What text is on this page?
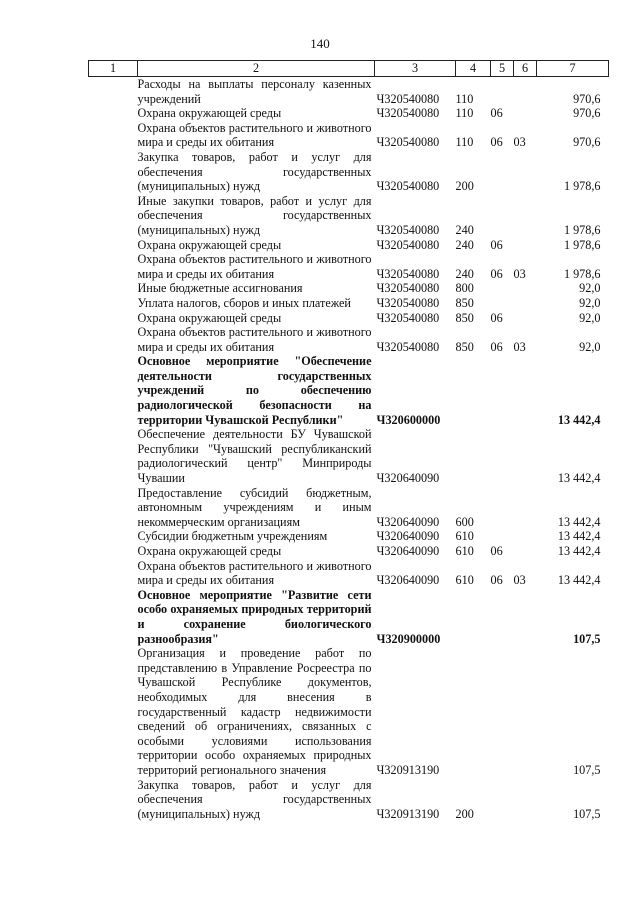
140
1	2	3	4	5	6	7
	Расходы на выплаты персоналу казенных учреждений	Ч320540080	110			970,6
	Охрана окружающей среды	Ч320540080	110	06		970,6
	Охрана объектов растительного и животного мира и среды их обитания	Ч320540080	110	06	03	970,6
	Закупка товаров, работ и услуг для обеспечения государственных (муниципальных) нужд	Ч320540080	200			1 978,6
	Иные закупки товаров, работ и услуг для обеспечения государственных (муниципальных) нужд	Ч320540080	240			1 978,6
	Охрана окружающей среды	Ч320540080	240	06		1 978,6
	Охрана объектов растительного и животного мира и среды их обитания	Ч320540080	240	06	03	1 978,6
	Иные бюджетные ассигнования	Ч320540080	800			92,0
	Уплата налогов, сборов и иных платежей	Ч320540080	850			92,0
	Охрана окружающей среды	Ч320540080	850	06		92,0
	Охрана объектов растительного и животного мира и среды их обитания	Ч320540080	850	06	03	92,0
	Основное мероприятие "Обеспечение деятельности государственных учреждений по обеспечению радиологической безопасности на территории Чувашской Республики"	Ч320600000				13 442,4
	Обеспечение деятельности БУ Чувашской Республики "Чувашский республиканский радиологический центр" Минприроды Чувашии	Ч320640090				13 442,4
	Предоставление субсидий бюджетным, автономным учреждениям и иным некоммерческим организациям	Ч320640090	600			13 442,4
	Субсидии бюджетным учреждениям	Ч320640090	610			13 442,4
	Охрана окружающей среды	Ч320640090	610	06		13 442,4
	Охрана объектов растительного и животного мира и среды их обитания	Ч320640090	610	06	03	13 442,4
	Основное мероприятие "Развитие сети особо охраняемых природных территорий и сохранение биологического разнообразия"	Ч320900000				107,5
	Организация и проведение работ по представлению в Управление Росреестра по Чувашской Республике документов, необходимых для внесения в государственный кадастр недвижимости сведений об ограничениях, связанных с особыми условиями использования территории особо охраняемых природных территорий регионального значения	Ч320913190				107,5
	Закупка товаров, работ и услуг для обеспечения государственных (муниципальных) нужд	Ч320913190	200			107,5
